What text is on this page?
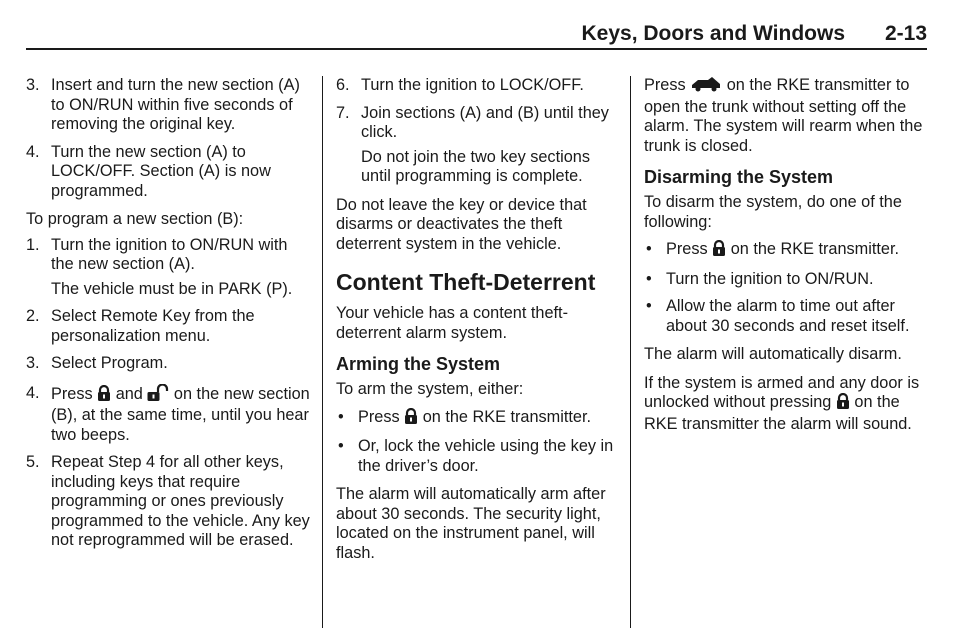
Keys, Doors and Windows 2-13
3. Insert and turn the new section (A) to ON/RUN within five seconds of removing the original key.
4. Turn the new section (A) to LOCK/OFF. Section (A) is now programmed.

To program a new section (B):

1. Turn the ignition to ON/RUN with the new section (A).

The vehicle must be in PARK (P).

2. Select Remote Key from the personalization menu.
3. Select Program.
4. Press and on the new section (B), at the same time, until you hear two beeps.
5. Repeat Step 4 for all other keys, including keys that require programming or ones previously programmed to the vehicle. Any key not reprogrammed will be erased.
6. Turn the ignition to LOCK/OFF.
7. Join sections (A) and (B) until they click.

Do not join the two key sections until programming is complete.

Do not leave the key or device that disarms or deactivates the theft deterrent system in the vehicle.

Content Theft-Deterrent

Your vehicle has a content theft-deterrent alarm system.

Arming the System

To arm the system, either:

• Press on the RKE transmitter.
• Or, lock the vehicle using the key in the driver’s door.

The alarm will automatically arm after about 30 seconds. The security light, located on the instrument panel, will flash.

Press	on the RKE transmitter to open the trunk without setting off the alarm. The system will rearm when the trunk is closed.

Disarming the System

To disarm the system, do one of the following:

• Press on the RKE transmitter.
• Turn the ignition to ON/RUN.
• Allow the alarm to time out after about 30 seconds and reset itself.

The alarm will automatically disarm.

If the system is armed and any door is unlocked without pressing on the RKE transmitter the alarm will sound.
